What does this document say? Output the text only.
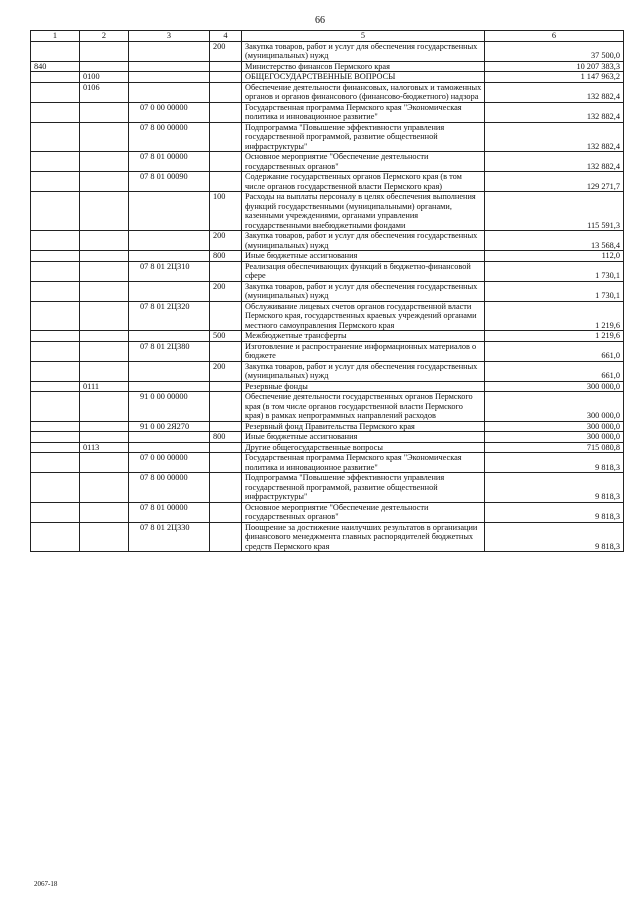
66
1	2	3	4	5	6
			200	Закупка товаров, работ и услуг для обеспечения государственных (муниципальных) нужд	37 500,0
840				Министерство финансов Пермского края	10 207 383,3
	0100			ОБЩЕГОСУДАРСТВЕННЫЕ ВОПРОСЫ	1 147 963,2
	0106			Обеспечение деятельности финансовых, налоговых и таможенных органов и органов финансового (финансово-бюджетного) надзора	132 882,4
		07 0 00 00000		Государственная программа Пермского края "Экономическая политика и инновационное развитие"	132 882,4
		07 8 00 00000		Подпрограмма "Повышение эффективности управления государственной программой, развитие общественной инфраструктуры"	132 882,4
		07 8 01 00000		Основное мероприятие "Обеспечение деятельности государственных органов"	132 882,4
		07 8 01 00090		Содержание государственных органов Пермского края (в том числе органов государственной власти Пермского края)	129 271,7
			100	Расходы на выплаты персоналу в целях обеспечения выполнения функций государственными (муниципальными) органами, казенными учреждениями, органами управления государственными внебюджетными фондами	115 591,3
			200	Закупка товаров, работ и услуг для обеспечения государственных (муниципальных) нужд	13 568,4
			800	Иные бюджетные ассигнования	112,0
		07 8 01 2Ц310		Реализация обеспечивающих функций в бюджетно-финансовой сфере	1 730,1
			200	Закупка товаров, работ и услуг для обеспечения государственных (муниципальных) нужд	1 730,1
		07 8 01 2Ц320		Обслуживание лицевых счетов органов государственной власти Пермского края, государственных краевых учреждений органами местного самоуправления Пермского края	1 219,6
			500	Межбюджетные трансферты	1 219,6
		07 8 01 2Ц380		Изготовление и распространение информационных материалов о бюджете	661,0
			200	Закупка товаров, работ и услуг для обеспечения государственных (муниципальных) нужд	661,0
	0111			Резервные фонды	300 000,0
		91 0 00 00000		Обеспечение деятельности государственных органов Пермского края (в том числе органов государственной власти Пермского края) в рамках непрограммных направлений расходов	300 000,0
		91 0 00 2Я270		Резервный фонд Правительства Пермского края	300 000,0
			800	Иные бюджетные ассигнования	300 000,0
	0113			Другие общегосударственные вопросы	715 080,8
		07 0 00 00000		Государственная программа Пермского края "Экономическая политика и инновационное развитие"	9 818,3
		07 8 00 00000		Подпрограмма "Повышение эффективности управления государственной программой, развитие общественной инфраструктуры"	9 818,3
		07 8 01 00000		Основное мероприятие "Обеспечение деятельности государственных органов"	9 818,3
		07 8 01 2Ц330		Поощрение за достижение наилучших результатов в организации финансового менеджмента главных распорядителей бюджетных средств Пермского края	9 818,3
2067-18
